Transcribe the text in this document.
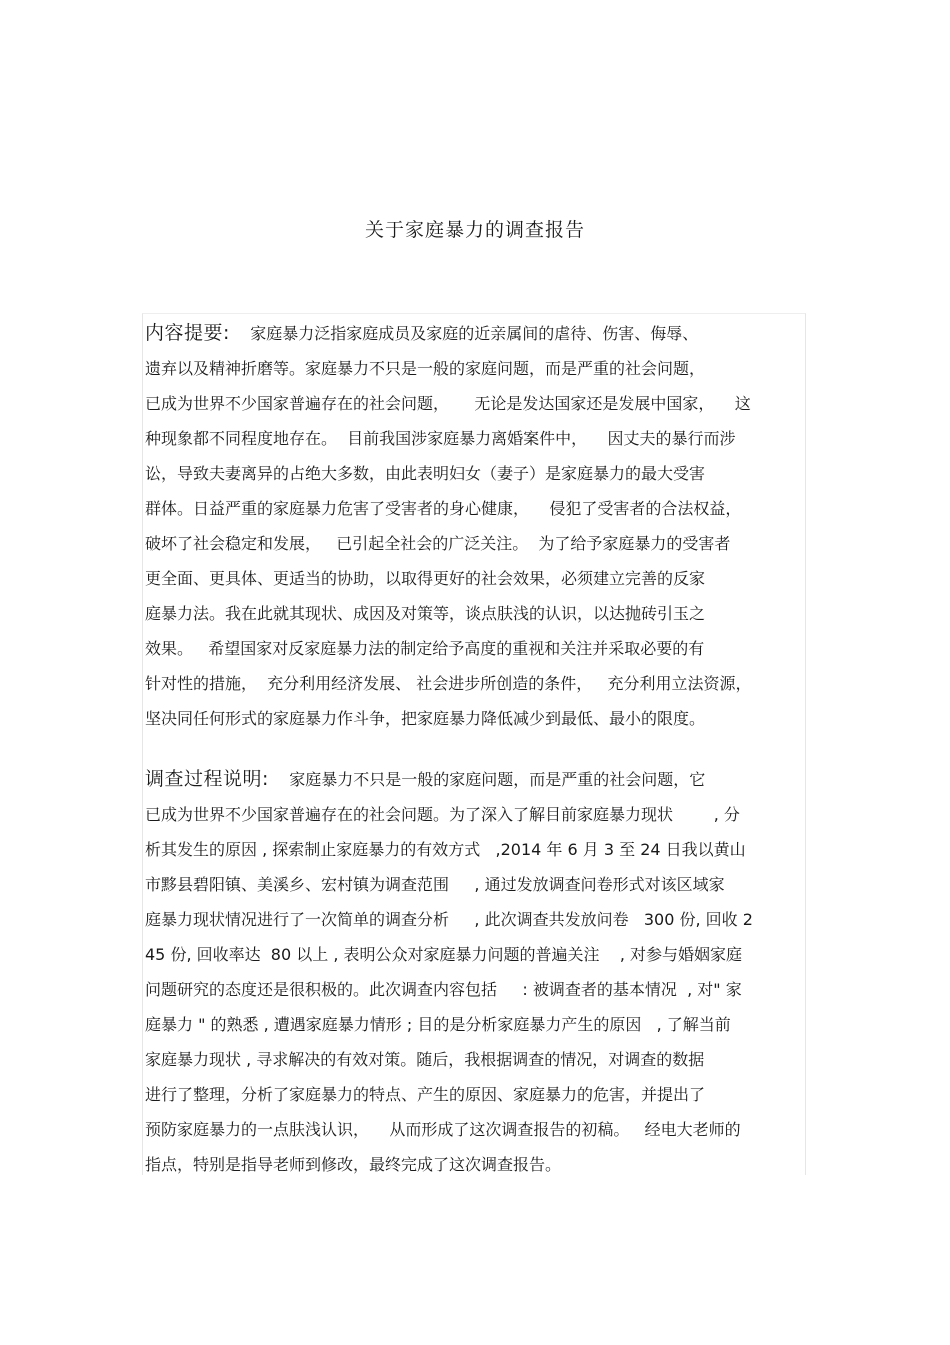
关于家庭暴力的调查报告
内容提要:    家庭暴力泛指家庭成员及家庭的近亲属间的虐待、伤害、侮辱、
遗弃以及精神折磨等。家庭暴力不只是一般的家庭问题，而是严重的社会问题，
已成为世界不少国家普遍存在的社会问题，     无论是发达国家还是发展中国家，    这
种现象都不同程度地存在。  目前我国涉家庭暴力离婚案件中，    因丈夫的暴行而涉
讼，导致夫妻离异的占绝大多数，由此表明妇女（妻子）是家庭暴力的最大受害
群体。日益严重的家庭暴力危害了受害者的身心健康，    侵犯了受害者的合法权益，
破坏了社会稳定和发展，   已引起全社会的广泛关注。  为了给予家庭暴力的受害者
更全面、更具体、更适当的协助，以取得更好的社会效果，必须建立完善的反家
庭暴力法。我在此就其现状、成因及对策等，谈点肤浅的认识，以达抛砖引玉之
效果。   希望国家对反家庭暴力法的制定给予高度的重视和关注并采取必要的有
针对性的措施，  充分利用经济发展、 社会进步所创造的条件，   充分利用立法资源，
坚决同任何形式的家庭暴力作斗争，把家庭暴力降低减少到最低、最小的限度。
调查过程说明:    家庭暴力不只是一般的家庭问题，而是严重的社会问题，它
已成为世界不少国家普遍存在的社会问题。为了深入了解目前家庭暴力现状        , 分
析其发生的原因 , 探索制止家庭暴力的有效方式   ,2014 年 6 月 3 至 24 日我以黄山
市黟县碧阳镇、美溪乡、宏村镇为调查范围     , 通过发放调查问卷形式对该区域家
庭暴力现状情况进行了一次简单的调查分析     , 此次调查共发放问卷   300 份, 回收 2
45 份, 回收率达  80 以上 , 表明公众对家庭暴力问题的普遍关注    , 对参与婚姻家庭
问题研究的态度还是很积极的。此次调查内容包括     : 被调查者的基本情况  , 对" 家
庭暴力 " 的熟悉 , 遭遇家庭暴力情形 ; 目的是分析家庭暴力产生的原因   , 了解当前
家庭暴力现状 , 寻求解决的有效对策。随后，我根据调查的情况，对调查的数据
进行了整理，分析了家庭暴力的特点、产生的原因、家庭暴力的危害，并提出了
预防家庭暴力的一点肤浅认识，    从而形成了这次调查报告的初稿。   经电大老师的
指点，特别是指导老师到修改，最终完成了这次调查报告。
